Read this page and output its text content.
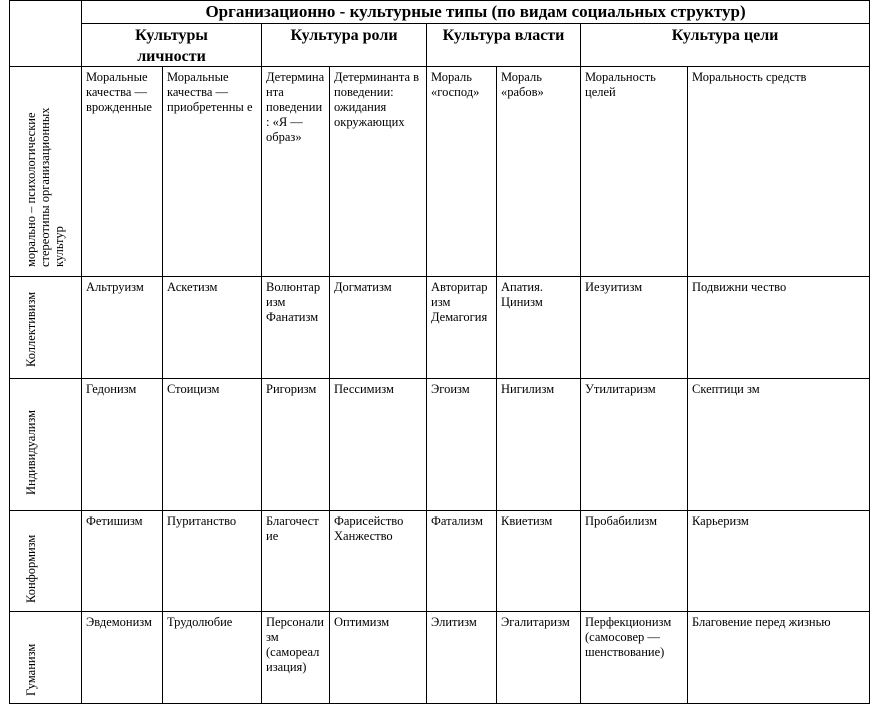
	Организационно - культурные типы (по видам социальных структур)							

	Культуры
личности		Культура роли		Культура власти		Культура цели	

морально – психологические стереотипы организационных культур	Моральные качества — врожденные	Моральные качества — приобретенны е	Детермина нта поведении : «Я — образ»	Детерминанта в поведении: ожидания окружающих	Мораль «господ»	Мораль «рабов»	Моральность целей	Моральность средств

Коллективизм	Альтруизм	Аскетизм	Волюнтар изм Фанатизм	Догматизм	Авторитар изм Демагогия	Апатия. Цинизм	Иезуитизм	Подвижни чество

Индивидуализм	Гедонизм	Стоицизм	Ригоризм	Пессимизм	Эгоизм	Нигилизм	Утилитаризм	Скептици зм

Конформизм	Фетишизм	Пуританство	Благочест ие	Фарисейство Ханжество	Фатализм	Квиетизм	Пробабилизм	Карьеризм

Гуманизм	Эвдемонизм	Трудолюбие	Персонали зм (самореал изация)	Оптимизм	Элитизм	Эгалитаризм	Перфекционизм (самосовер — шенствование)	Благовение перед жизнью
